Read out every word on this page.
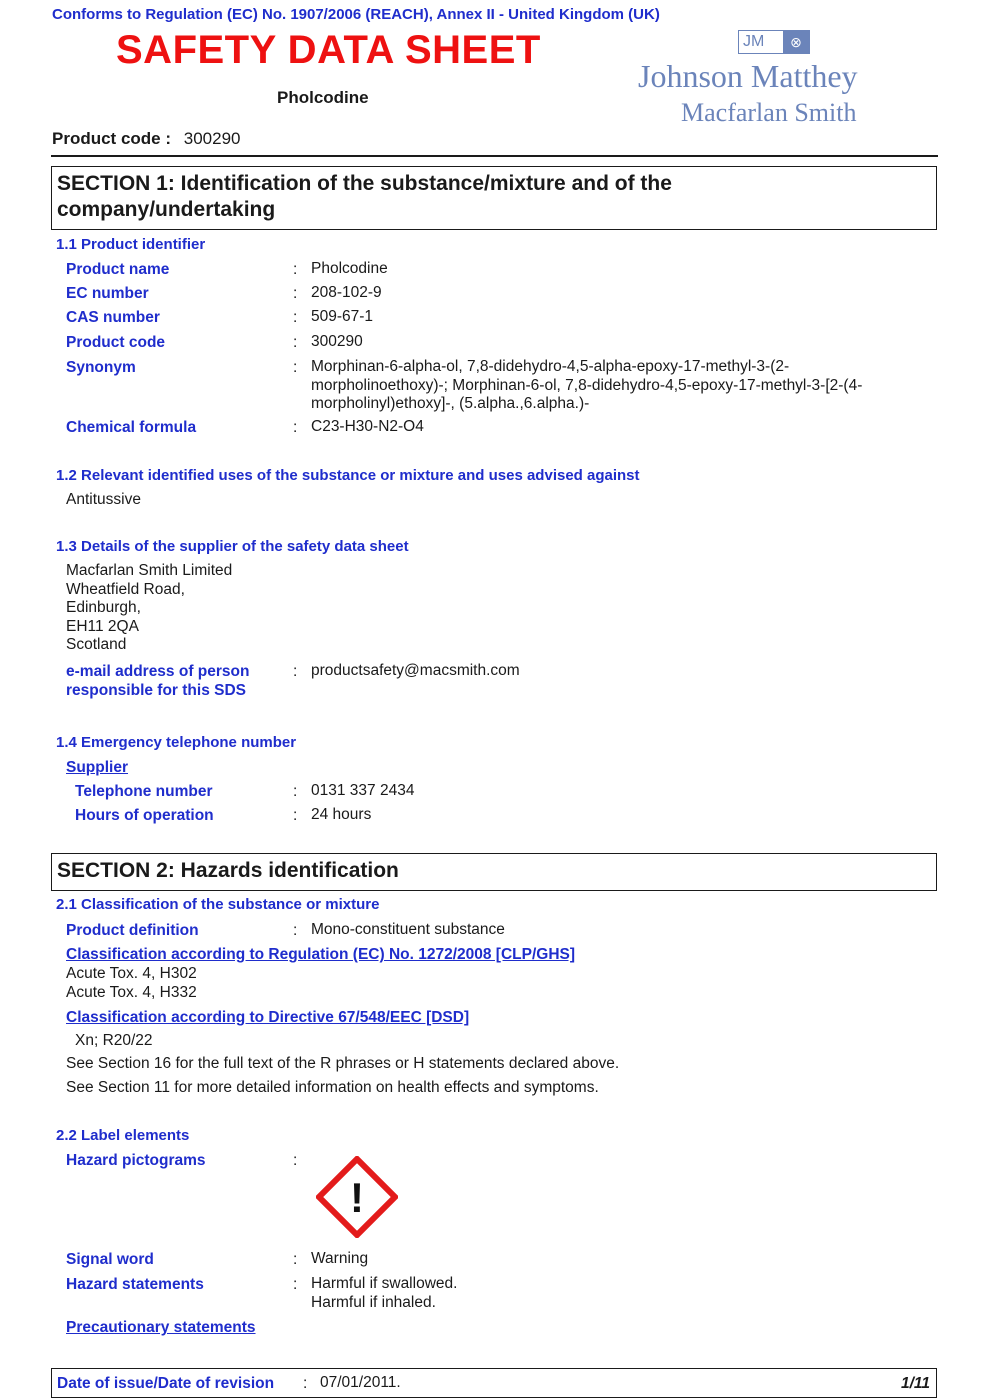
Conforms to Regulation (EC) No. 1907/2006 (REACH), Annex II - United Kingdom (UK)
SAFETY DATA SHEET
Pholcodine
Product code : 300290
JM	⊗
Johnson Matthey
Macfarlan Smith
SECTION 1: Identification of the substance/mixture and of the
company/undertaking
1.1 Product identifier
Product name	: Pholcodine
EC number	: 208-102-9
CAS number	: 509-67-1
Product code	: 300290
Synonym	: Morphinan-6-alpha-ol, 7,8-didehydro-4,5-alpha-epoxy-17-methyl-3-(2-
morpholinoethoxy)-; Morphinan-6-ol, 7,8-didehydro-4,5-epoxy-17-methyl-3-[2-(4-
morpholinyl)ethoxy]-, (5.alpha.,6.alpha.)-
Chemical formula	: C23-H30-N2-O4
1.2 Relevant identified uses of the substance or mixture and uses advised against
Antitussive
1.3 Details of the supplier of the safety data sheet
Macfarlan Smith Limited
Wheatfield Road,
Edinburgh,
EH11 2QA
Scotland
e-mail address of person
responsible for this SDS
: productsafety@macsmith.com
1.4 Emergency telephone number
Supplier
Telephone number	: 0131 337 2434
Hours of operation	: 24 hours
SECTION 2: Hazards identification
2.1 Classification of the substance or mixture
Product definition	: Mono-constituent substance
Classification according to Regulation (EC) No. 1272/2008 [CLP/GHS]
Acute Tox. 4, H302
Acute Tox. 4, H332
Classification according to Directive 67/548/EEC [DSD]
Xn; R20/22
See Section 16 for the full text of the R phrases or H statements declared above.
See Section 11 for more detailed information on health effects and symptoms.
2.2 Label elements
Hazard pictograms	:
!
Signal word	: Warning
Hazard statements	: Harmful if swallowed.
Harmful if inhaled.
Precautionary statements
Date of issue/Date of revision : 07/01/2011.	1/11
